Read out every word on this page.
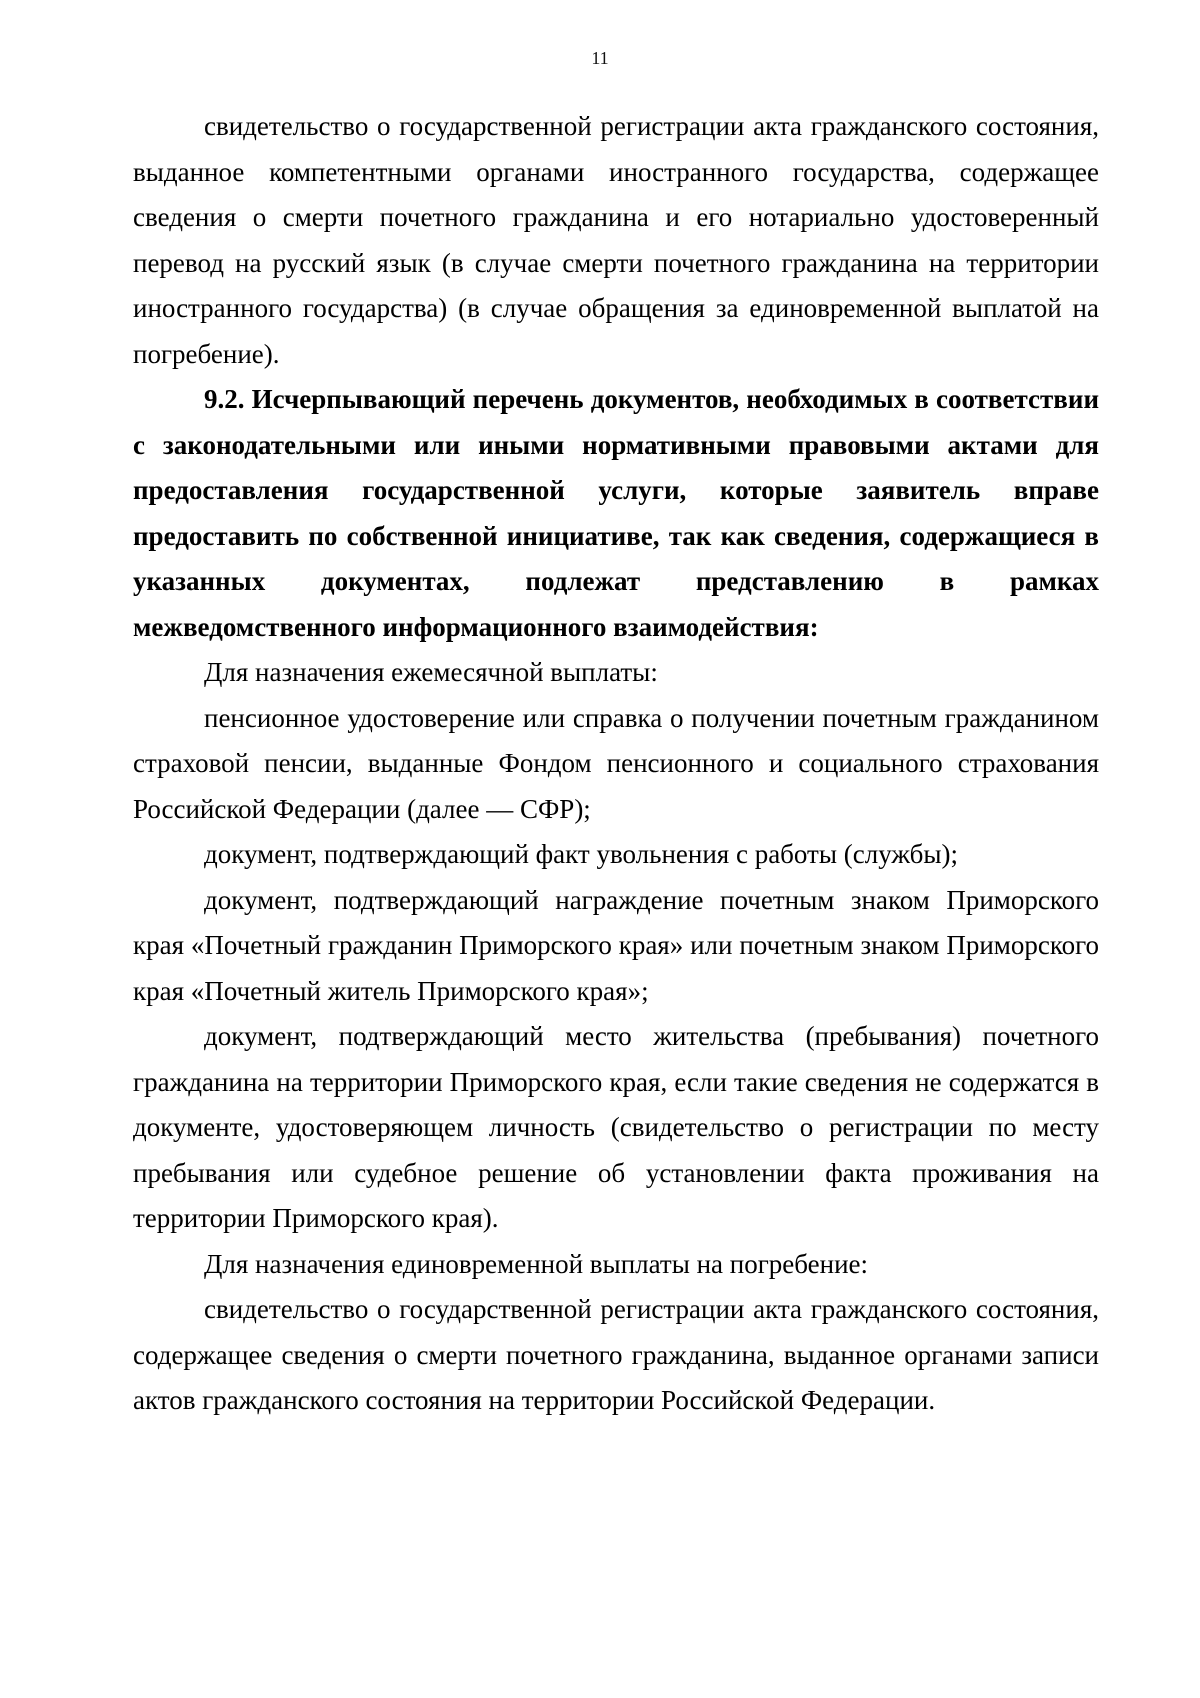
11

свидетельство о государственной регистрации акта гражданского состояния, выданное компетентными органами иностранного государства, содержащее сведения о смерти почетного гражданина и его нотариально удостоверенный перевод на русский язык (в случае смерти почетного гражданина на территории иностранного государства) (в случае обращения за единовременной выплатой на погребение).

9.2. Исчерпывающий перечень документов, необходимых в соответствии с законодательными или иными нормативными правовыми актами для предоставления государственной услуги, которые заявитель вправе предоставить по собственной инициативе, так как сведения, содержащиеся в указанных документах, подлежат представлению в рамках межведомственного информационного взаимодействия:

Для назначения ежемесячной выплаты:

пенсионное удостоверение или справка о получении почетным гражданином страховой пенсии, выданные Фондом пенсионного и социального страхования Российской Федерации (далее — СФР);

документ, подтверждающий факт увольнения с работы (службы);

документ, подтверждающий награждение почетным знаком Приморского края «Почетный гражданин Приморского края» или почетным знаком Приморского края «Почетный житель Приморского края»;

документ, подтверждающий место жительства (пребывания) почетного гражданина на территории Приморского края, если такие сведения не содержатся в документе, удостоверяющем личность (свидетельство о регистрации по месту пребывания или судебное решение об установлении факта проживания на территории Приморского края).

Для назначения единовременной выплаты на погребение:

свидетельство о государственной регистрации акта гражданского состояния, содержащее сведения о смерти почетного гражданина, выданное органами записи актов гражданского состояния на территории Российской Федерации.
